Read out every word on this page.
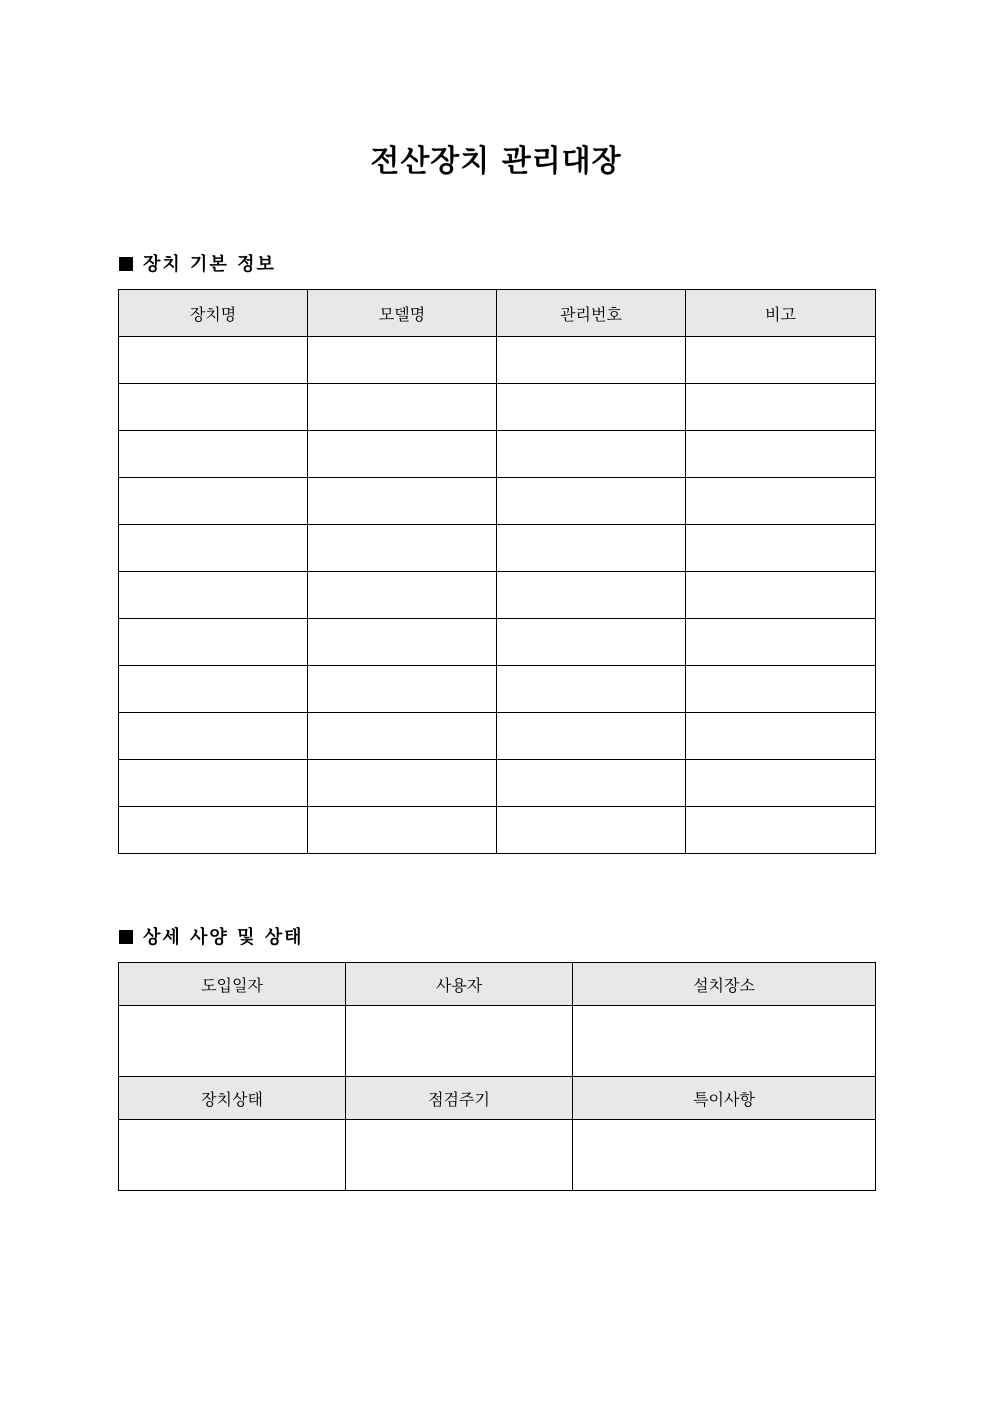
전산장치 관리대장
장치 기본 정보
장치명	모델명	관리번호	비고

상세 사양 및 상태
도입일자	사용자	설치장소

장치상태	점검주기	특이사항
